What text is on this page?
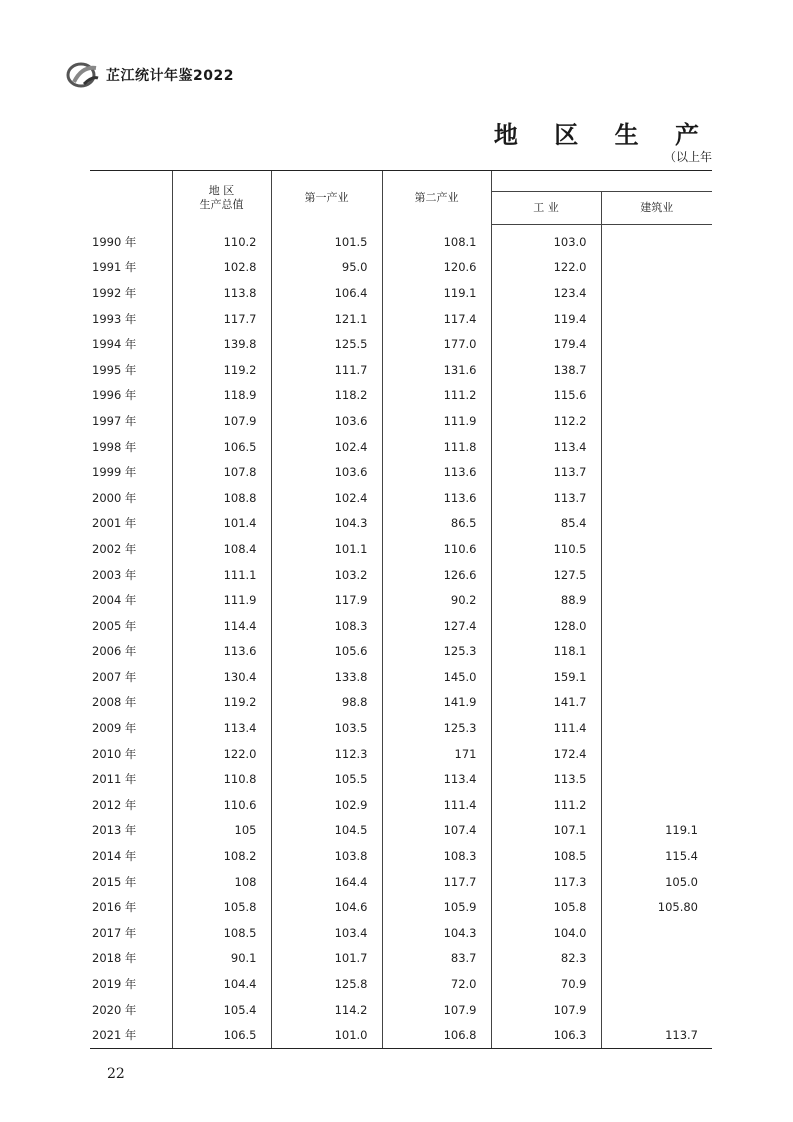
芷江统计年鉴2022
地 区 生 产
（以上年
	地 区
生产总值	第一产业	第二产业		
				工 业	建筑业
1990 年	110.2	101.5	108.1	103.0	
1991 年	102.8	95.0	120.6	122.0	
1992 年	113.8	106.4	119.1	123.4	
1993 年	117.7	121.1	117.4	119.4	
1994 年	139.8	125.5	177.0	179.4	
1995 年	119.2	111.7	131.6	138.7	
1996 年	118.9	118.2	111.2	115.6	
1997 年	107.9	103.6	111.9	112.2	
1998 年	106.5	102.4	111.8	113.4	
1999 年	107.8	103.6	113.6	113.7	
2000 年	108.8	102.4	113.6	113.7	
2001 年	101.4	104.3	86.5	85.4	
2002 年	108.4	101.1	110.6	110.5	
2003 年	111.1	103.2	126.6	127.5	
2004 年	111.9	117.9	90.2	88.9	
2005 年	114.4	108.3	127.4	128.0	
2006 年	113.6	105.6	125.3	118.1	
2007 年	130.4	133.8	145.0	159.1	
2008 年	119.2	98.8	141.9	141.7	
2009 年	113.4	103.5	125.3	111.4	
2010 年	122.0	112.3	171	172.4	
2011 年	110.8	105.5	113.4	113.5	
2012 年	110.6	102.9	111.4	111.2	
2013 年	105	104.5	107.4	107.1	119.1
2014 年	108.2	103.8	108.3	108.5	115.4
2015 年	108	164.4	117.7	117.3	105.0
2016 年	105.8	104.6	105.9	105.8	105.80
2017 年	108.5	103.4	104.3	104.0	
2018 年	90.1	101.7	83.7	82.3	
2019 年	104.4	125.8	72.0	70.9	
2020 年	105.4	114.2	107.9	107.9	
2021 年	106.5	101.0	106.8	106.3	113.7
22
